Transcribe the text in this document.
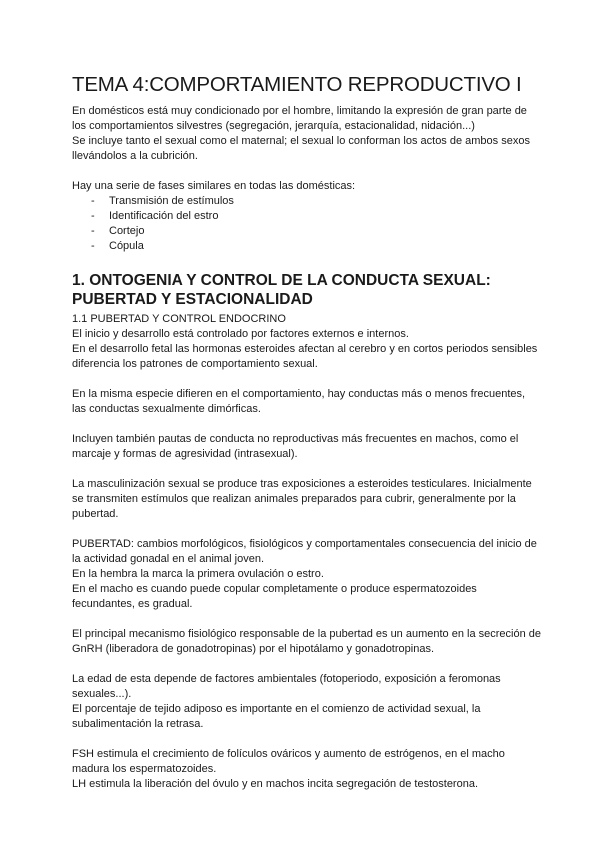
TEMA 4:COMPORTAMIENTO REPRODUCTIVO I

En domésticos está muy condicionado por el hombre, limitando la expresión de gran parte de los comportamientos silvestres (segregación, jerarquía, estacionalidad, nidación...)

Se incluye tanto el sexual como el maternal; el sexual lo conforman los actos de ambos sexos llevándolos a la cubrición.

Hay una serie de fases similares en todas las domésticas:

- Transmisión de estímulos
- Identificación del estro
- Cortejo
- Cópula
1. ONTOGENIA Y CONTROL DE LA CONDUCTA SEXUAL: PUBERTAD Y ESTACIONALIDAD

1.1 PUBERTAD Y CONTROL ENDOCRINO

El inicio y desarrollo está controlado por factores externos e internos.

En el desarrollo fetal las hormonas esteroides afectan al cerebro y en cortos periodos sensibles diferencia los patrones de comportamiento sexual.

En la misma especie difieren en el comportamiento, hay conductas más o menos frecuentes, las conductas sexualmente dimórficas.

Incluyen también pautas de conducta no reproductivas más frecuentes en machos, como el marcaje y formas de agresividad (intrasexual).

La masculinización sexual se produce tras exposiciones a esteroides testiculares. Inicialmente se transmiten estímulos que realizan animales preparados para cubrir, generalmente por la pubertad.

PUBERTAD: cambios morfológicos, fisiológicos y comportamentales consecuencia del inicio de la actividad gonadal en el animal joven.

En la hembra la marca la primera ovulación o estro.

En el macho es cuando puede copular completamente o produce espermatozoides fecundantes, es gradual.

El principal mecanismo fisiológico responsable de la pubertad es un aumento en la secreción de GnRH (liberadora de gonadotropinas) por el hipotálamo y gonadotropinas.

La edad de esta depende de factores ambientales (fotoperiodo, exposición a feromonas sexuales...).

El porcentaje de tejido adiposo es importante en el comienzo de actividad sexual, la subalimentación la retrasa.

FSH estimula el crecimiento de folículos ováricos y aumento de estrógenos, en el macho madura los espermatozoides.

LH estimula la liberación del óvulo y en machos incita segregación de testosterona.
